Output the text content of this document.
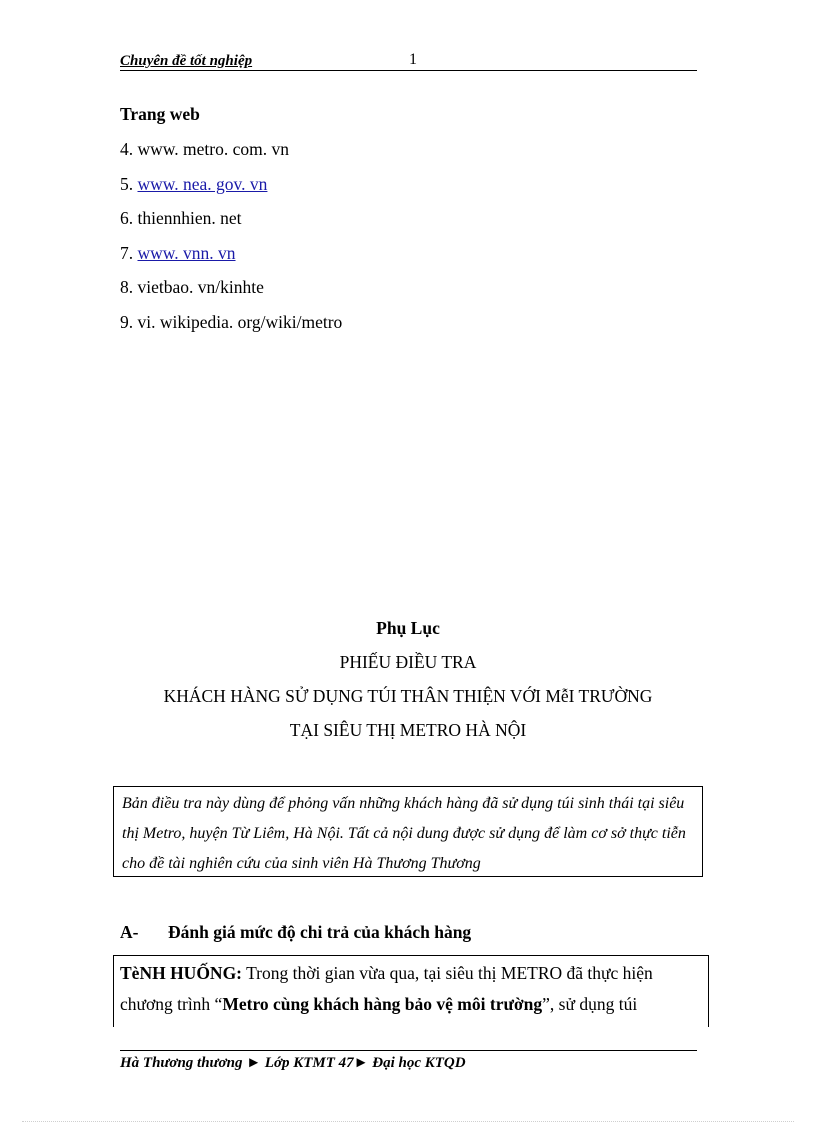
Chuyên đề tốt nghiệp	1
Trang web
4. www. metro. com. vn
5. www. nea. gov. vn
6. thiennhien. net
7. www. vnn. vn
8. vietbao. vn/kinhte
9. vi. wikipedia. org/wiki/metro
Phụ Lục
PHIẾU ĐIỀU TRA
KHÁCH HÀNG SỬ DỤNG TÚI THÂN THIỆN VỚI MễI TRƯỜNG
TẠI SIÊU THỊ METRO HÀ NỘI
Bản điều tra này dùng để phỏng vấn những khách hàng đã sử dụng túi sinh thái tại siêu thị Metro, huyện Từ Liêm, Hà Nội. Tất cả nội dung được sử dụng để làm cơ sở thực tiễn cho đề tài nghiên cứu của sinh viên Hà Thương Thương
A- Đánh giá mức độ chi trả của khách hàng
TèNH HUỐNG: Trong thời gian vừa qua, tại siêu thị METRO đã thực hiện chương trình “Metro cùng khách hàng bảo vệ môi trường”, sử dụng túi
Hà Thương thương ► Lớp KTMT 47► Đại học KTQD
